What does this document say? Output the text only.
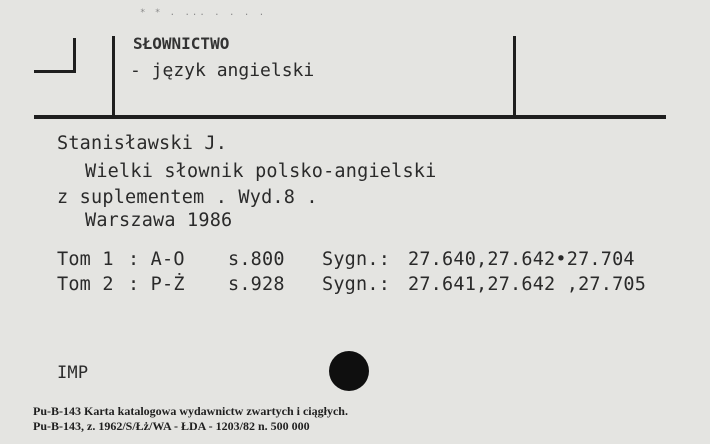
* * . ... . . . .
SŁOWNICTWO
- język angielski
Stanisławski J.
Wielki słownik polsko-angielski
z suplementem . Wyd.8 .
Warszawa 1986
Tom 1 : A-O s.800 Sygn.: 27.640,27.642•27.704
Tom 2 : P-Ż s.928 Sygn.: 27.641,27.642 ,27.705
IMP
Pu-B-143 Karta katalogowa wydawnictw zwartych i ciągłych.
Pu-B-143, z. 1962/S/Łż/WA - ŁDA - 1203/82 n. 500 000
